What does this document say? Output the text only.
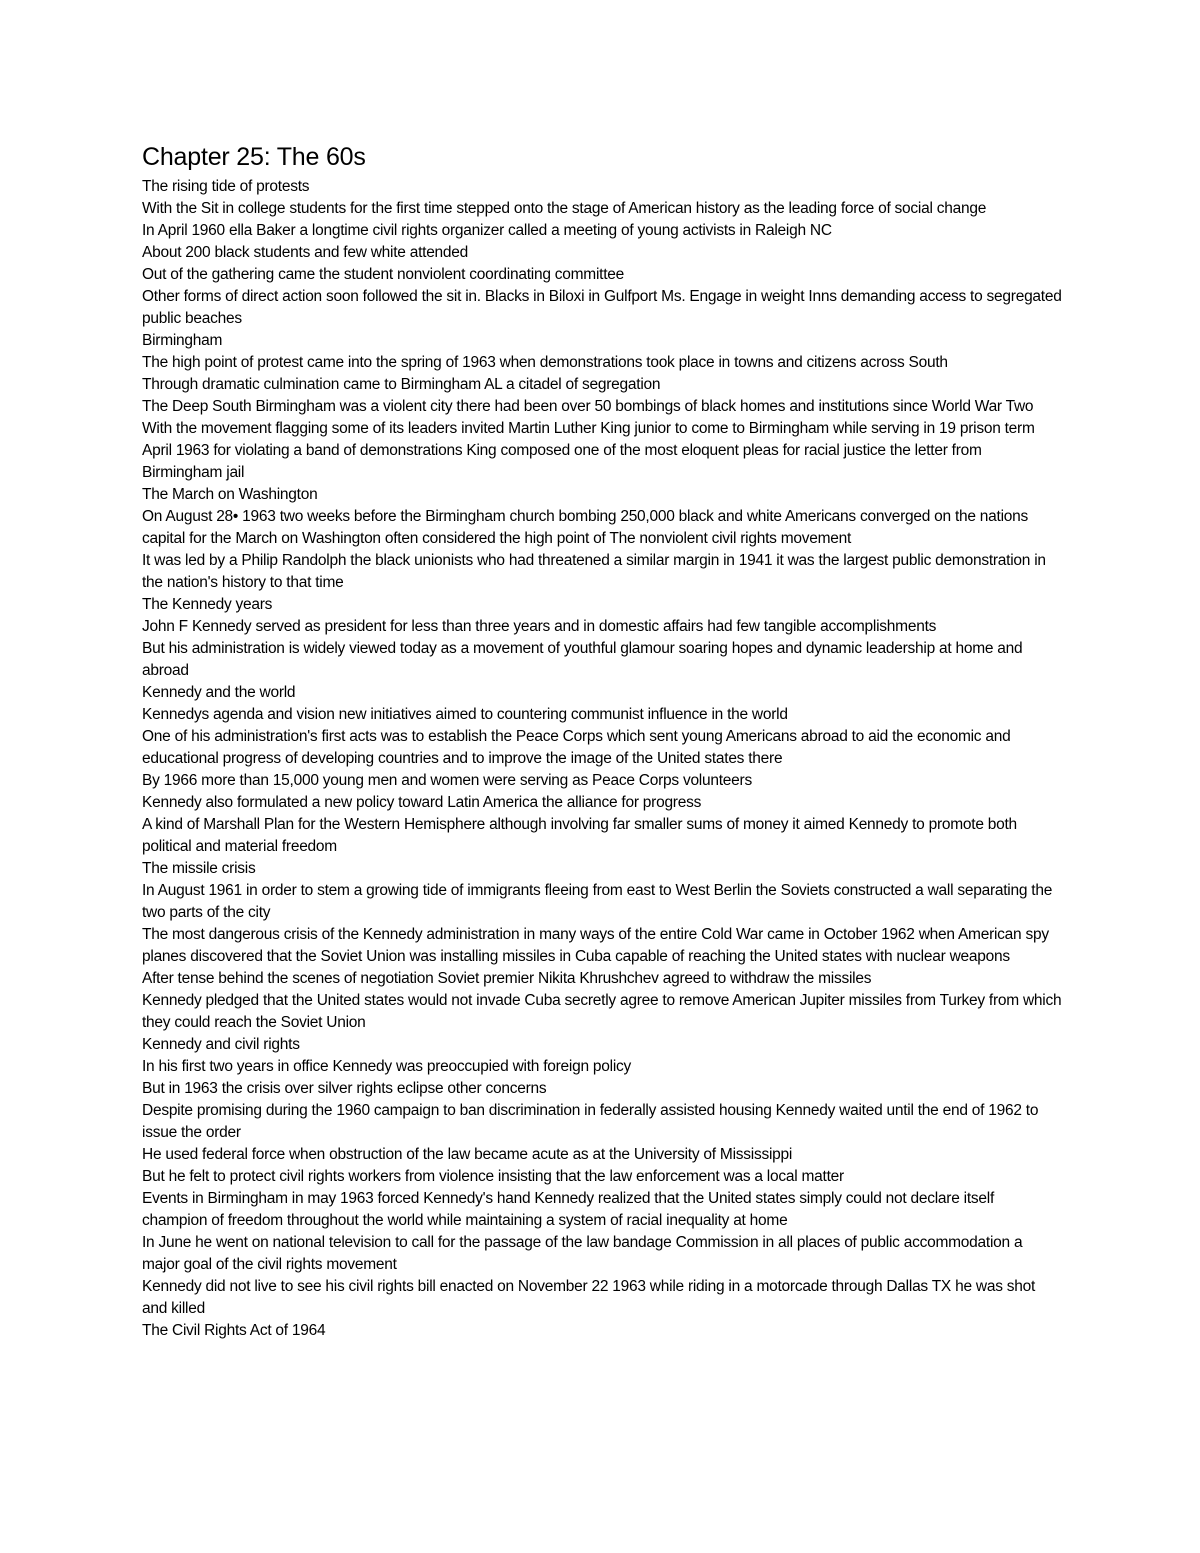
Chapter 25: The 60s

The rising tide of protests

With the Sit in college students for the first time stepped onto the stage of American history as the leading force of social change

In April 1960 ella Baker a longtime civil rights organizer called a meeting of young activists in Raleigh NC

About 200 black students and few white attended

Out of the gathering came the student nonviolent coordinating committee

Other forms of direct action soon followed the sit in. Blacks in Biloxi in Gulfport Ms. Engage in weight Inns demanding access to segregated public beaches

Birmingham

The high point of protest came into the spring of 1963 when demonstrations took place in towns and citizens across South

Through dramatic culmination came to Birmingham AL a citadel of segregation

The Deep South Birmingham was a violent city there had been over 50 bombings of black homes and institutions since World War Two

With the movement flagging some of its leaders invited Martin Luther King junior to come to Birmingham while serving in 19 prison term April 1963 for violating a band of demonstrations King composed one of the most eloquent pleas for racial justice the letter from Birmingham jail

The March on Washington

On August 28• 1963 two weeks before the Birmingham church bombing 250,000 black and white Americans converged on the nations capital for the March on Washington often considered the high point of The nonviolent civil rights movement

It was led by a Philip Randolph the black unionists who had threatened a similar margin in 1941 it was the largest public demonstration in the nation's history to that time

The Kennedy years

John F Kennedy served as president for less than three years and in domestic affairs had few tangible accomplishments

But his administration is widely viewed today as a movement of youthful glamour soaring hopes and dynamic leadership at home and abroad

Kennedy and the world

Kennedys agenda and vision new initiatives aimed to countering communist influence in the world

One of his administration's first acts was to establish the Peace Corps which sent young Americans abroad to aid the economic and educational progress of developing countries and to improve the image of the United states there

By 1966 more than 15,000 young men and women were serving as Peace Corps volunteers

Kennedy also formulated a new policy toward Latin America the alliance for progress

A kind of Marshall Plan for the Western Hemisphere although involving far smaller sums of money it aimed Kennedy to promote both political and material freedom

The missile crisis

In August 1961 in order to stem a growing tide of immigrants fleeing from east to West Berlin the Soviets constructed a wall separating the two parts of the city

The most dangerous crisis of the Kennedy administration in many ways of the entire Cold War came in October 1962 when American spy planes discovered that the Soviet Union was installing missiles in Cuba capable of reaching the United states with nuclear weapons

After tense behind the scenes of negotiation Soviet premier Nikita Khrushchev agreed to withdraw the missiles

Kennedy pledged that the United states would not invade Cuba secretly agree to remove American Jupiter missiles from Turkey from which they could reach the Soviet Union

Kennedy and civil rights

In his first two years in office Kennedy was preoccupied with foreign policy

But in 1963 the crisis over silver rights eclipse other concerns

Despite promising during the 1960 campaign to ban discrimination in federally assisted housing Kennedy waited until the end of 1962 to issue the order

He used federal force when obstruction of the law became acute as at the University of Mississippi

But he felt to protect civil rights workers from violence insisting that the law enforcement was a local matter

Events in Birmingham in may 1963 forced Kennedy's hand Kennedy realized that the United states simply could not declare itself champion of freedom throughout the world while maintaining a system of racial inequality at home

In June he went on national television to call for the passage of the law bandage Commission in all places of public accommodation a major goal of the civil rights movement

Kennedy did not live to see his civil rights bill enacted on November 22 1963 while riding in a motorcade through Dallas TX he was shot and killed

The Civil Rights Act of 1964
